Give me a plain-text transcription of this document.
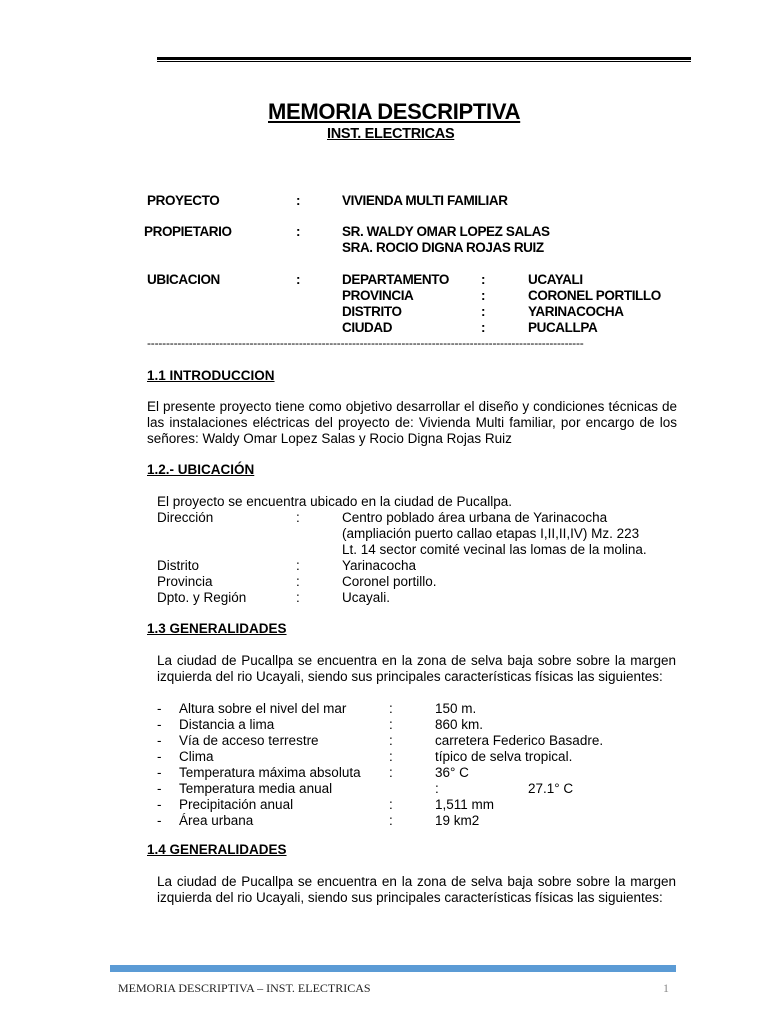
MEMORIA DESCRIPTIVA
INST. ELECTRICAS
PROYECTO	:	VIVIENDA MULTI FAMILIAR
PROPIETARIO	:	SR. WALDY OMAR LOPEZ SALAS
SRA. ROCIO DIGNA ROJAS RUIZ
UBICACION	:	DEPARTAMENTO :	UCAYALI
PROVINCIA	:	CORONEL PORTILLO
DISTRITO	:	YARINACOCHA
CIUDAD	:	PUCALLPA
-------------------------------------------------------------------------------------------------------------------
1.1 INTRODUCCION
El presente proyecto tiene como objetivo desarrollar el diseño y condiciones técnicas de las instalaciones eléctricas del proyecto de: Vivienda Multi familiar, por encargo de los señores: Waldy Omar Lopez Salas y Rocio Digna Rojas Ruiz
1.2.- UBICACIÓN
El proyecto se encuentra ubicado en la ciudad de Pucallpa.
Dirección	:	Centro poblado área urbana de Yarinacocha
(ampliación puerto callao etapas I,II,II,IV) Mz. 223
Lt. 14 sector comité vecinal las lomas de la molina.
Distrito	:	Yarinacocha
Provincia	:	Coronel portillo.
Dpto. y Región	:	Ucayali.
1.3 GENERALIDADES
La ciudad de Pucallpa se encuentra en la zona de selva baja sobre sobre la margen izquierda del rio Ucayali, siendo sus principales características físicas las siguientes:
- Altura sobre el nivel del mar	:	150 m.
- Distancia a lima	:	860 km.
- Vía de acceso terrestre	:	carretera Federico Basadre.
- Clima	:	típico de selva tropical.
- Temperatura máxima absoluta :	36° C
- Temperatura media anual	:	27.1° C
- Precipitación anual	:	1,511 mm
- Área urbana	:	19 km2
1.4 GENERALIDADES
La ciudad de Pucallpa se encuentra en la zona de selva baja sobre sobre la margen izquierda del rio Ucayali, siendo sus principales características físicas las siguientes:
MEMORIA DESCRIPTIVA – INST. ELECTRICAS	1
